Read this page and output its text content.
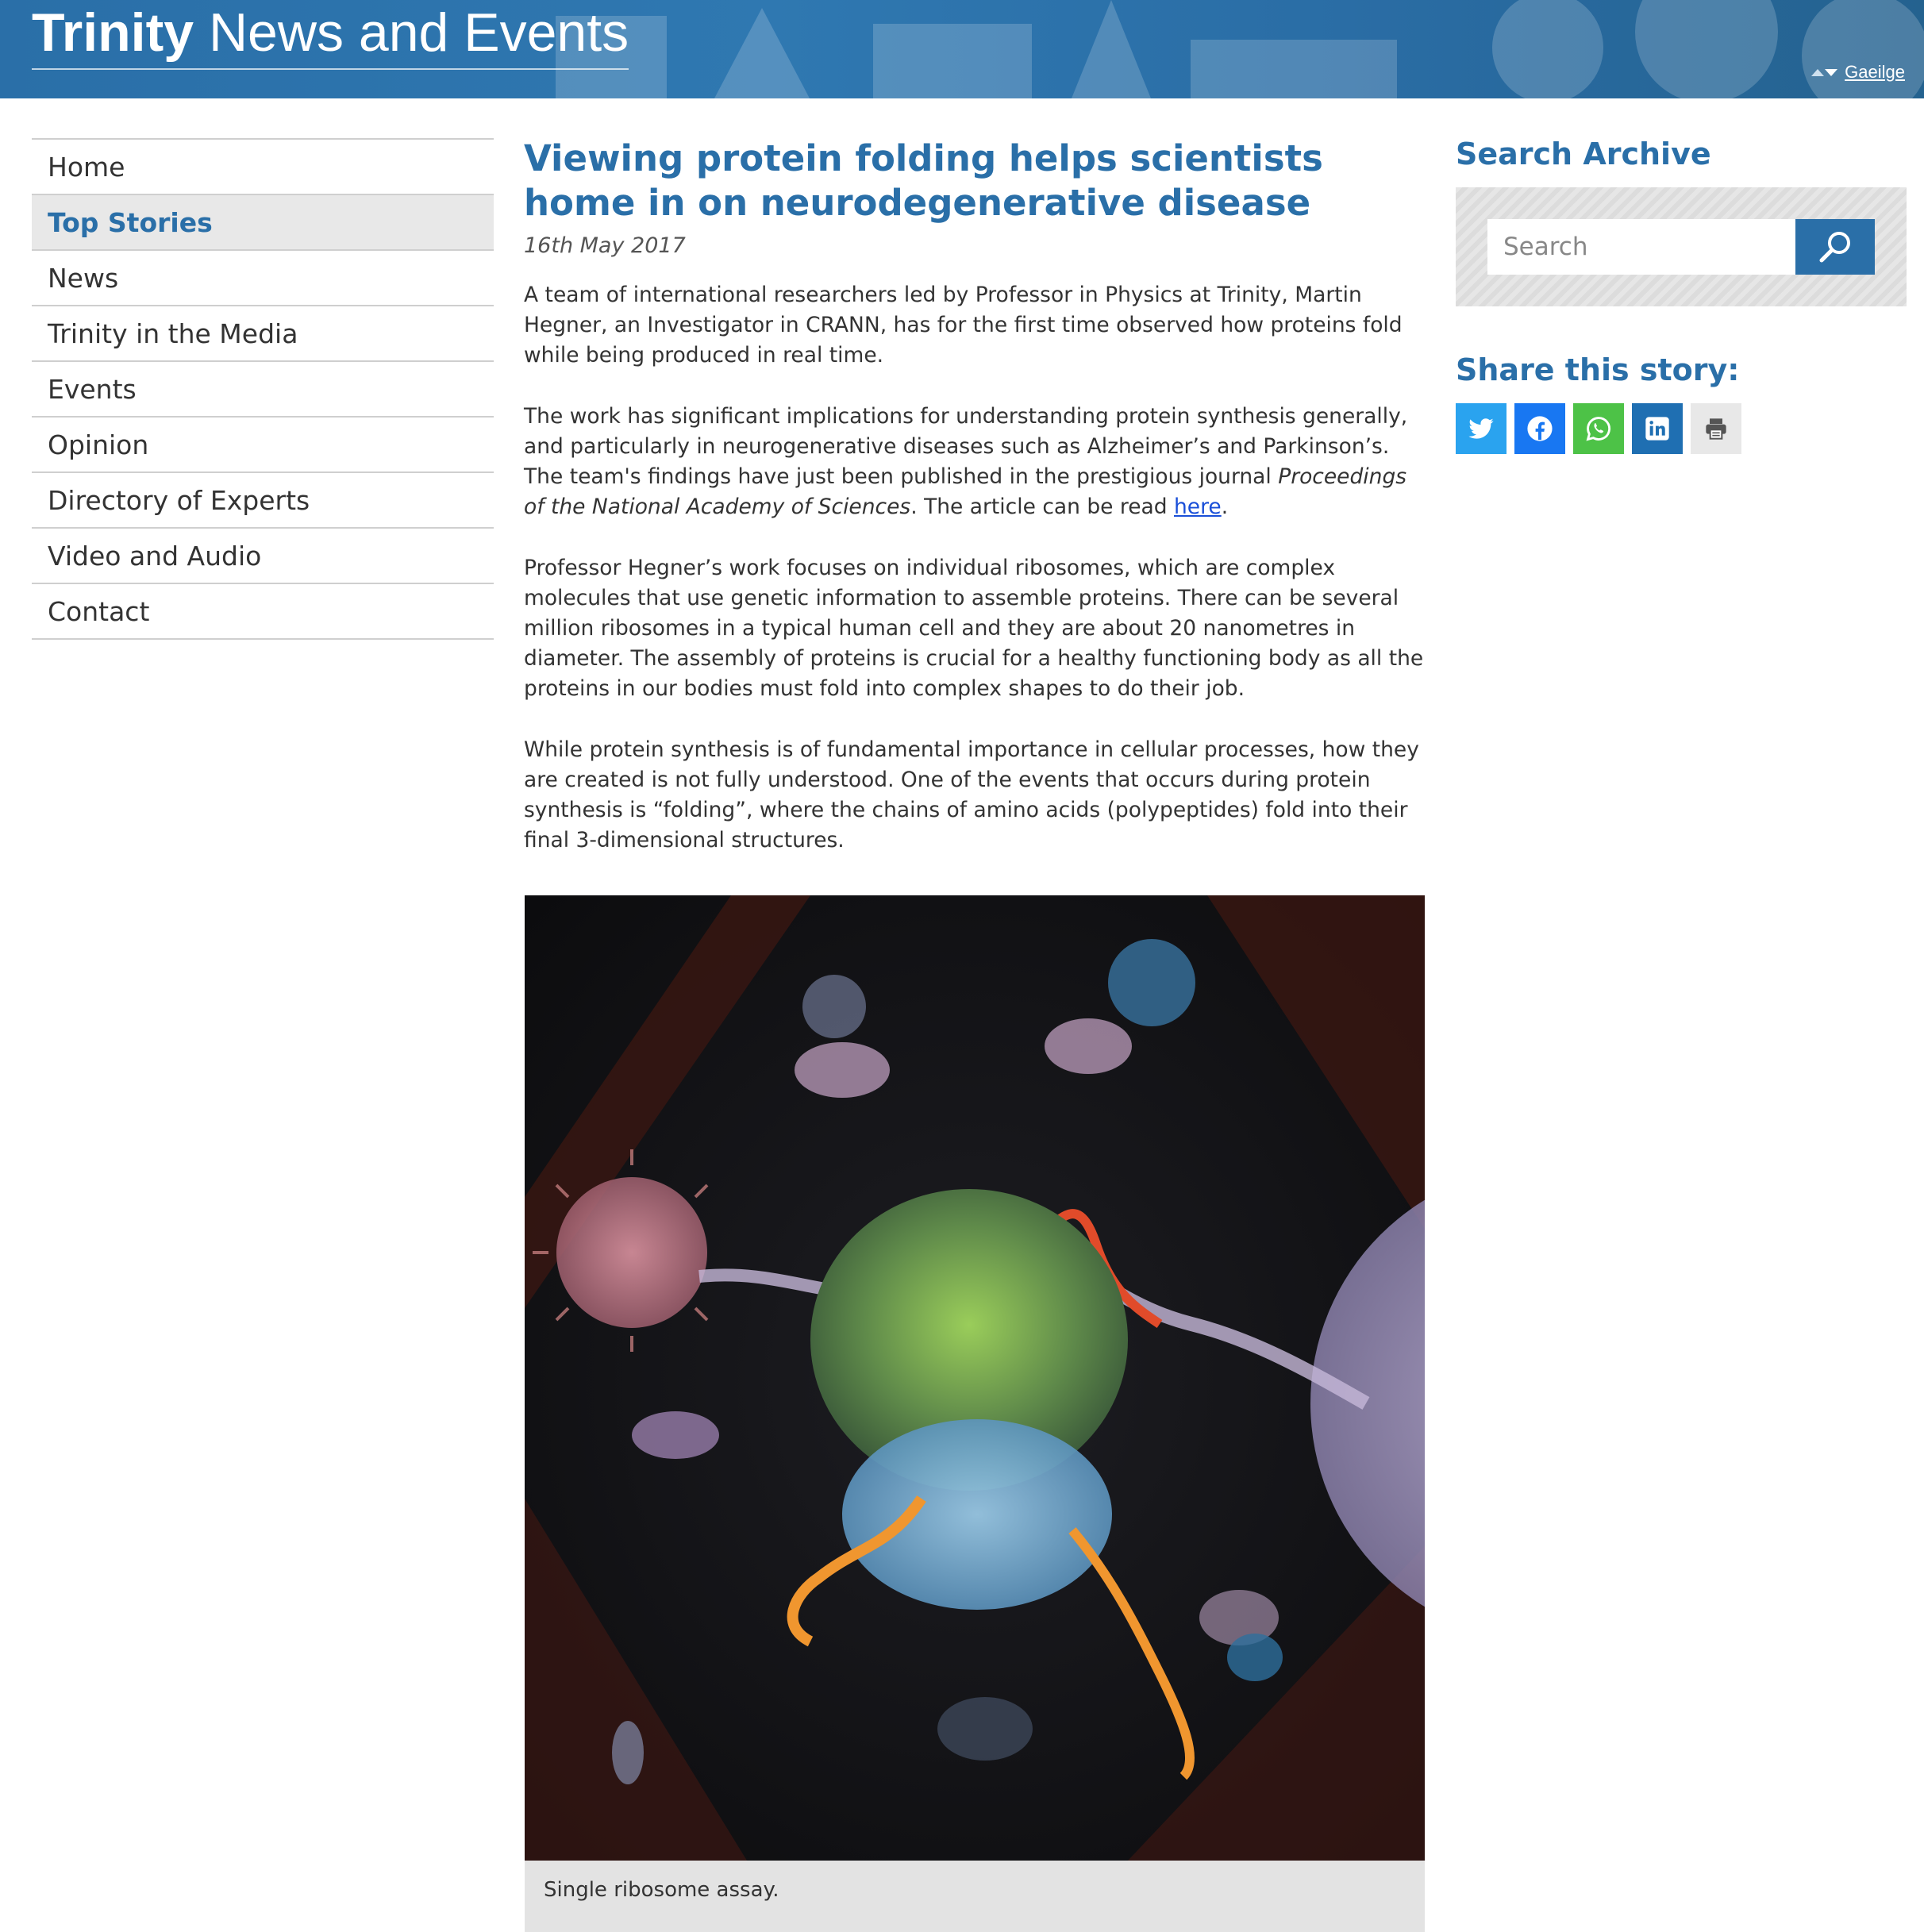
Trinity News and Events
Gaeilge
Home
Top Stories
News
Trinity in the Media
Events
Opinion
Directory of Experts
Video and Audio
Contact
Viewing protein folding helps scientists home in on neurodegenerative disease
16th May 2017

A team of international researchers led by Professor in Physics at Trinity, Martin Hegner, an Investigator in CRANN, has for the first time observed how proteins fold while being produced in real time.

The work has significant implications for understanding protein synthesis generally, and particularly in neurogenerative diseases such as Alzheimer’s and Parkinson’s. The team's findings have just been published in the prestigious journal Proceedings of the National Academy of Sciences. The article can be read here.

Professor Hegner’s work focuses on individual ribosomes, which are complex molecules that use genetic information to assemble proteins. There can be several million ribosomes in a typical human cell and they are about 20 nanometres in diameter. The assembly of proteins is crucial for a healthy functioning body as all the proteins in our bodies must fold into complex shapes to do their job.

While protein synthesis is of fundamental importance in cellular processes, how they are created is not fully understood. One of the events that occurs during protein synthesis is “folding”, where the chains of amino acids (polypeptides) fold into their final 3-dimensional structures.

Single ribosome assay.
Search Archive
Search
Share this story:
